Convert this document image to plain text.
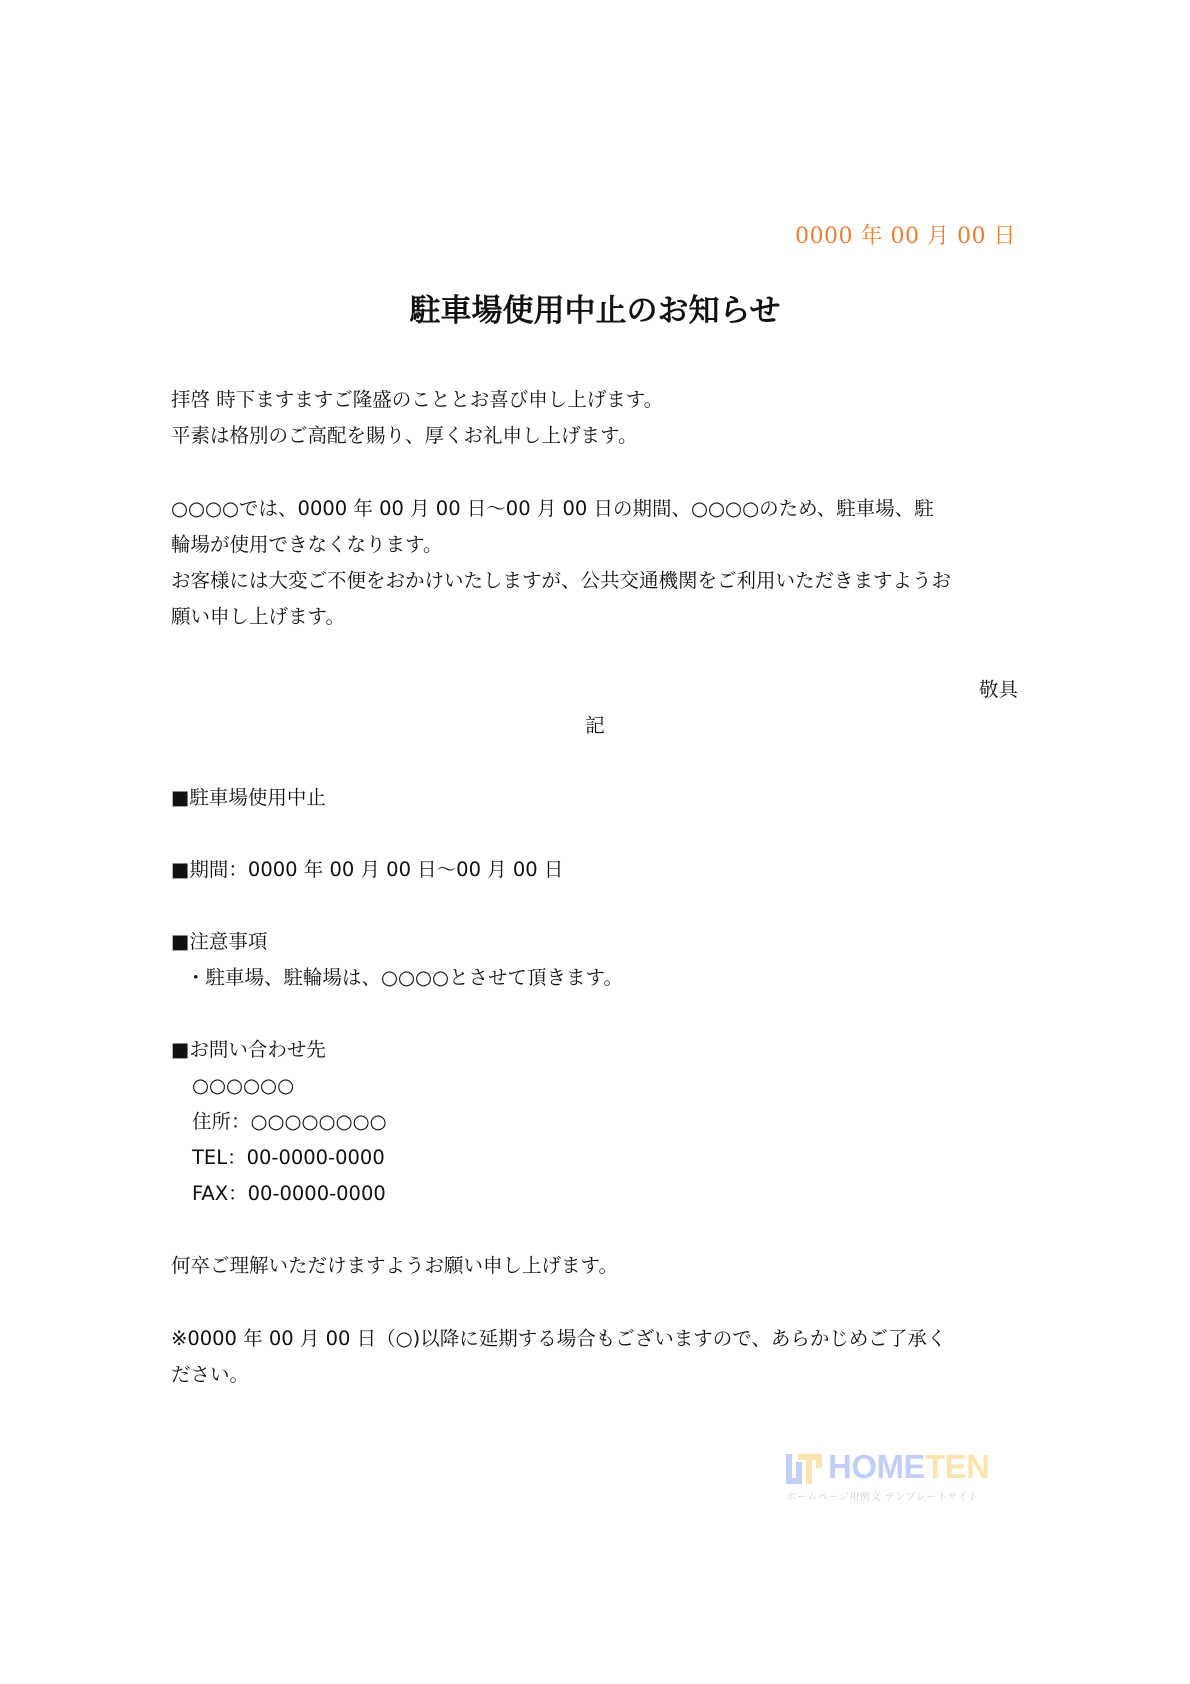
0000 年 00 月 00 日
駐車場使用中止のお知らせ
拝啓 時下ますますご隆盛のこととお喜び申し上げます。
平素は格別のご高配を賜り、厚くお礼申し上げます。
○○○○では、0000 年 00 月 00 日～00 月 00 日の期間、○○○○のため、駐車場、駐
輪場が使用できなくなります。
お客様には大変ご不便をおかけいたしますが、公共交通機関をご利用いただきますようお
願い申し上げます。
敬具
記
■駐車場使用中止
■期間：0000 年 00 月 00 日～00 月 00 日
■注意事項
・駐車場、駐輪場は、○○○○とさせて頂きます。
■お問い合わせ先
○○○○○○
住所：○○○○○○○○
TEL：00-0000-0000
FAX：00-0000-0000
何卒ご理解いただけますようお願い申し上げます。
※0000 年 00 月 00 日（○)以降に延期する場合もございますので、あらかじめご了承く
ださい。
HOMETEN
ホームページ用例文 テンプレートサイト
